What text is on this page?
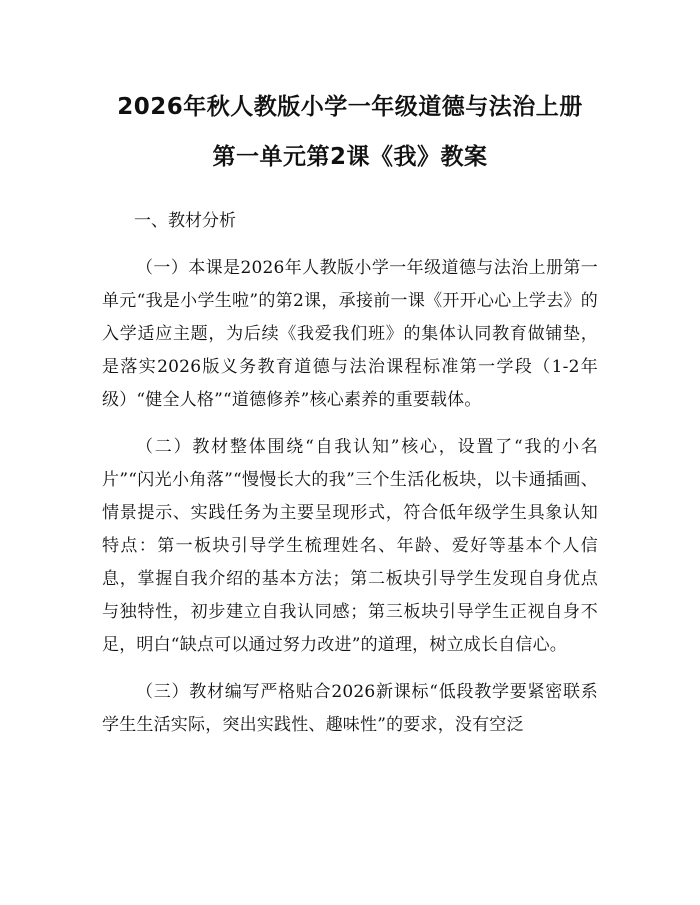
2026年秋人教版小学一年级道德与法治上册
第一单元第2课《我》教案
一、教材分析

（一）本课是2026年人教版小学一年级道德与法治上册第一单元“我是小学生啦”的第2课，承接前一课《开开心心上学去》的入学适应主题，为后续《我爱我们班》的集体认同教育做铺垫，是落实2026版义务教育道德与法治课程标准第一学段（1-2年级）“健全人格”“道德修养”核心素养的重要载体。

（二）教材整体围绕“自我认知”核心，设置了“我的小名片”“闪光小角落”“慢慢长大的我”三个生活化板块，以卡通插画、情景提示、实践任务为主要呈现形式，符合低年级学生具象认知特点：第一板块引导学生梳理姓名、年龄、爱好等基本个人信息，掌握自我介绍的基本方法；第二板块引导学生发现自身优点与独特性，初步建立自我认同感；第三板块引导学生正视自身不足，明白“缺点可以通过努力改进”的道理，树立成长自信心。

（三）教材编写严格贴合2026新课标“低段教学要紧密联系学生生活实际，突出实践性、趣味性”的要求，没有空泛
